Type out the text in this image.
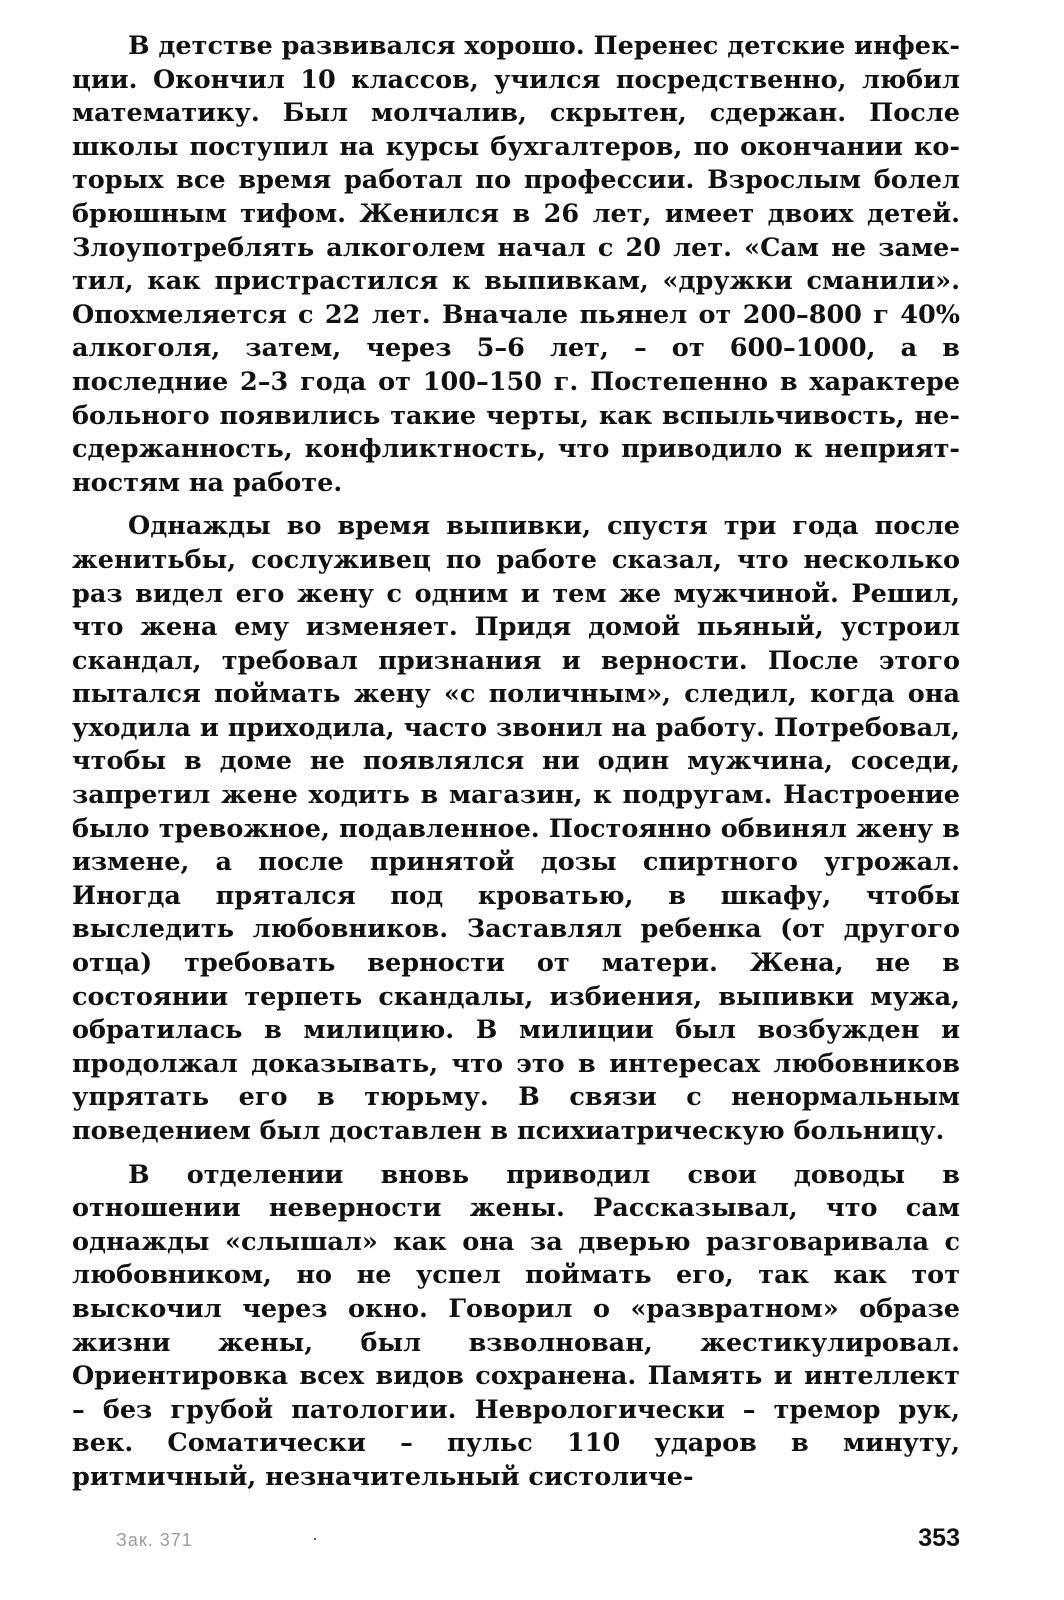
В детстве развивался хорошо. Перенес детские инфекции. Окончил 10 классов, учился посредственно, любил математику. Был молчалив, скрытен, сдержан. После школы поступил на курсы бухгалтеров, по окончании которых все время работал по профессии. Взрослым болел брюшным тифом. Женился в 26 лет, имеет двоих детей. Злоупотреблять алкоголем начал с 20 лет. «Сам не заметил, как пристрастился к выпивкам, «дружки сманили». Опохмеляется с 22 лет. Вначале пьянел от 200–800 г 40% алкоголя, затем, через 5–6 лет, – от 600–1000, а в последние 2–3 года от 100–150 г. Постепенно в характере больного появились такие черты, как вспыльчивость, несдержанность, конфликтность, что приводило к неприятностям на работе.

Однажды во время выпивки, спустя три года после женитьбы, сослуживец по работе сказал, что несколько раз видел его жену с одним и тем же мужчиной. Решил, что жена ему изменяет. Придя домой пьяный, устроил скандал, требовал признания и верности. После этого пытался поймать жену «с поличным», следил, когда она уходила и приходила, часто звонил на работу. Потребовал, чтобы в доме не появлялся ни один мужчина, соседи, запретил жене ходить в магазин, к подругам. Настроение было тревожное, подавленное. Постоянно обвинял жену в измене, а после принятой дозы спиртного угрожал. Иногда прятался под кроватью, в шкафу, чтобы выследить любовников. Заставлял ребенка (от другого отца) требовать верности от матери. Жена, не в состоянии терпеть скандалы, избиения, выпивки мужа, обратилась в милицию. В милиции был возбужден и продолжал доказывать, что это в интересах любовников упрятать его в тюрьму. В связи с ненормальным поведением был доставлен в психиатрическую больницу.

В отделении вновь приводил свои доводы в отношении неверности жены. Рассказывал, что сам однажды «слышал» как она за дверью разговаривала с любовником, но не успел поймать его, так как тот выскочил через окно. Говорил о «развратном» образе жизни жены, был взволнован, жестикулировал. Ориентировка всех видов сохранена. Память и интеллект – без грубой патологии. Неврологически – тремор рук, век. Соматически – пульс 110 ударов в минуту, ритмичный, незначительный систоличе-

Зак. 371	·	353
